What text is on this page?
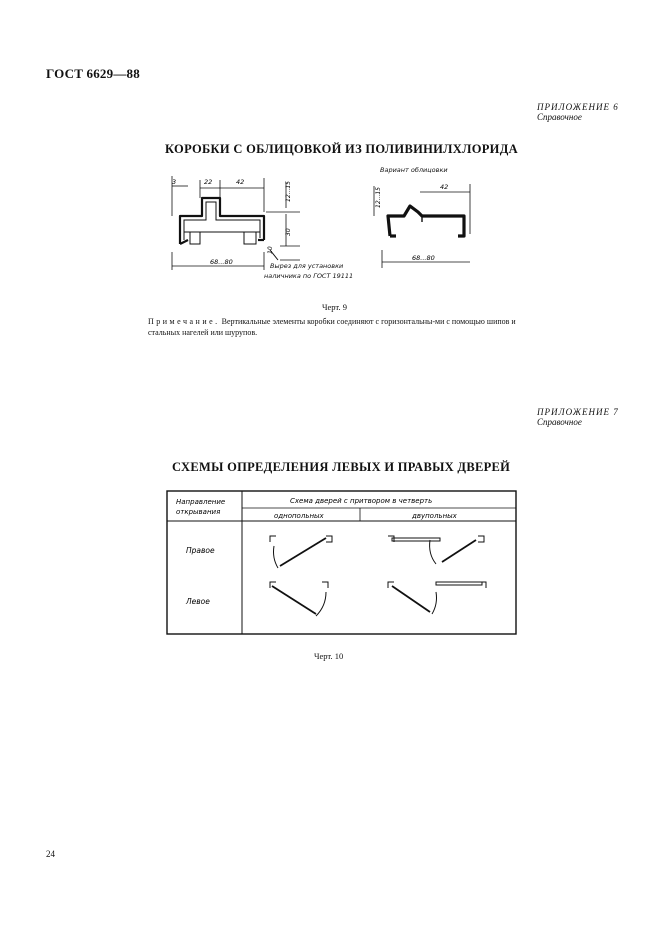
ГОСТ 6629—88
ПРИЛОЖЕНИЕ 6
Справочное
КОРОБКИ С ОБЛИЦОВКОЙ ИЗ ПОЛИВИНИЛХЛОРИДА
3	22	42	12...15
30
10
68...80	Вырез для установки
наличника по ГОСТ 19111
Вариант облицовки
12...15	42
68...80
Черт. 9
Примечание. Вертикальные элементы коробки соединяют с горизонтальны-ми с помощью шипов и стальных нагелей или шурупов.
ПРИЛОЖЕНИЕ 7
Справочное
СХЕМЫ ОПРЕДЕЛЕНИЯ ЛЕВЫХ И ПРАВЫХ ДВЕРЕЙ
Направление
открывания
Схема дверей с притвором в четверть
однопольных	двупольных
Правое
Левое
Черт. 10
24
